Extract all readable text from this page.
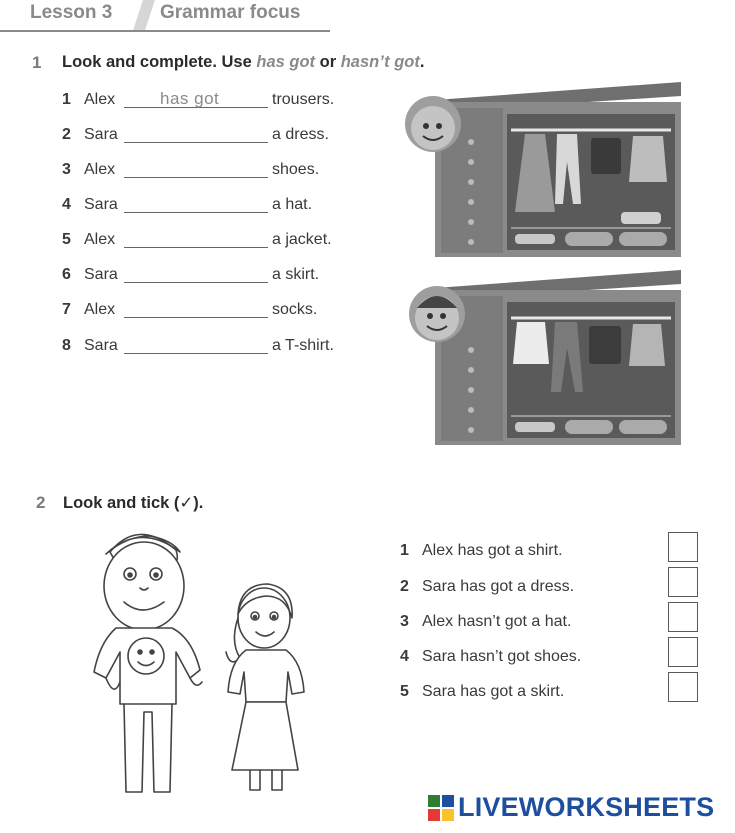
Lesson 3	Grammar focus
1 Look and complete. Use has got or hasn’t got.
1 Alex	has got	trousers.
2 Sara	a dress.
3 Alex	shoes.
4 Sara	a hat.
5 Alex	a jacket.
6 Sara	a skirt.
7 Alex	socks.
8 Sara	a T-shirt.
2 Look and tick (✓).
1 Alex has got a shirt.
2 Sara has got a dress.
3 Alex hasn’t got a hat.
4 Sara hasn’t got shoes.
5 Sara has got a skirt.
LIVEWORKSHEETS
